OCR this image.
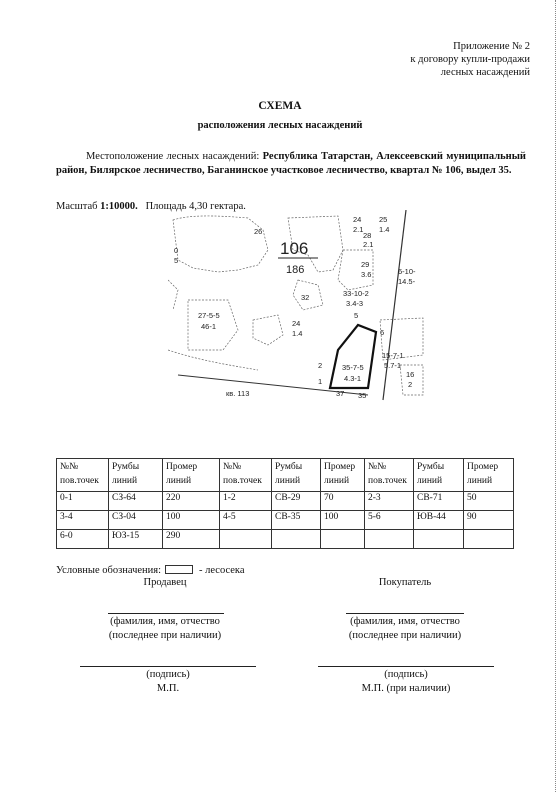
Приложение № 2
к договору купли-продажи
лесных насаждений
СХЕМА
расположения лесных насаждений
Местоположение лесных насаждений: Республика Татарстан, Алексеевский муниципальный район, Билярское лесничество, Баганинское участковое лесничество, квартал № 106, выдел 35.
Масштаб 1:10000. Площадь 4,30 гектара.
106
186
26
24
2.1
25
1.4
28
2.1
29
3.6
0
5
32	33-10-2
3.4-3
6-10-
14.5-
27-5-5
46-1	24
1.4
15-7-1
5.7-1
16
2
35-7-5
4.3-1
37 35
кв. 113
1
2
5
6
№№ пов.точек	Румбы линий	Промер линий	№№ пов.точек	Румбы линий	Промер линий	№№ пов.точек	Румбы линий	Промер линий
0-1	СЗ-64	220	1-2	СВ-29	70	2-3	СВ-71	50
3-4	СЗ-04	100	4-5	СВ-35	100	5-6	ЮВ-44	90
6-0	ЮЗ-15	290						
Условные обозначения:	- лесосека
Продавец
(фамилия, имя, отчество
(последнее при наличии)
(подпись)
М.П.
Покупатель
(фамилия, имя, отчество
(последнее при наличии)
(подпись)
М.П. (при наличии)
